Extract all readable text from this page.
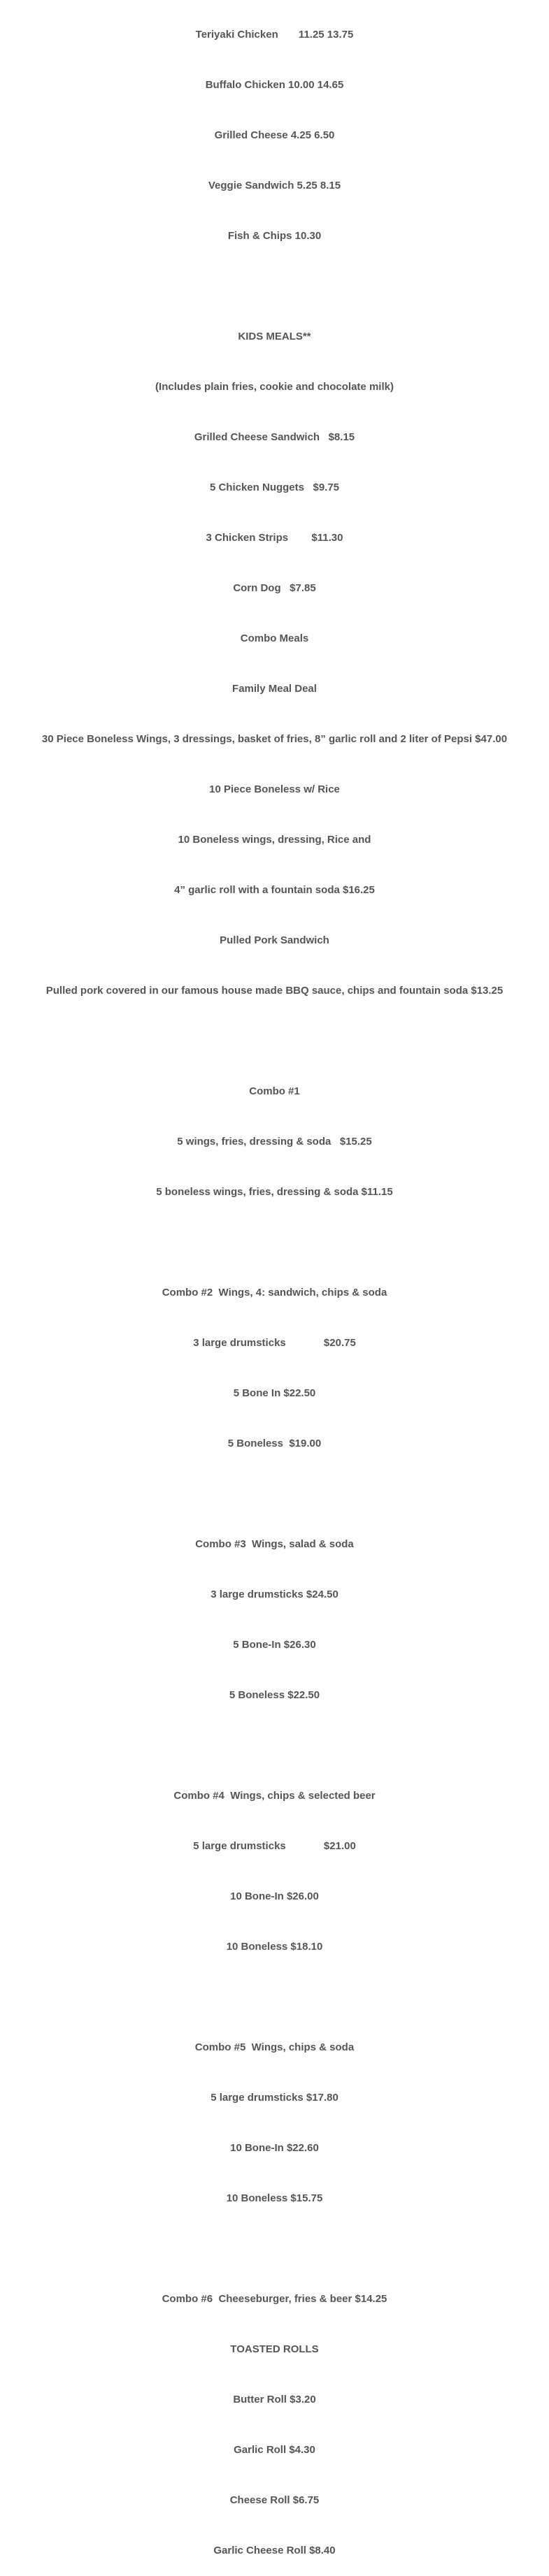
Teriyaki Chicken       11.25 13.75

Buffalo Chicken 10.00 14.65

Grilled Cheese 4.25 6.50

Veggie Sandwich 5.25 8.15

Fish & Chips 10.30

KIDS MEALS**

(Includes plain fries, cookie and chocolate milk)

Grilled Cheese Sandwich   $8.15

5 Chicken Nuggets   $9.75

3 Chicken Strips        $11.30

Corn Dog   $7.85

Combo Meals

Family Meal Deal

30 Piece Boneless Wings, 3 dressings, basket of fries, 8” garlic roll and 2 liter of Pepsi $47.00

10 Piece Boneless w/ Rice

10 Boneless wings, dressing, Rice and

4” garlic roll with a fountain soda $16.25

Pulled Pork Sandwich

Pulled pork covered in our famous house made BBQ sauce, chips and fountain soda $13.25

Combo #1

5 wings, fries, dressing & soda   $15.25

5 boneless wings, fries, dressing & soda $11.15

Combo #2  Wings, 4: sandwich, chips & soda

3 large drumsticks             $20.75

5 Bone In $22.50

5 Boneless  $19.00

Combo #3  Wings, salad & soda

3 large drumsticks $24.50

5 Bone-In $26.30

5 Boneless $22.50

Combo #4  Wings, chips & selected beer

5 large drumsticks             $21.00

10 Bone-In $26.00

10 Boneless $18.10

Combo #5  Wings, chips & soda

5 large drumsticks $17.80

10 Bone-In $22.60

10 Boneless $15.75

Combo #6  Cheeseburger, fries & beer $14.25

TOASTED ROLLS

Butter Roll $3.20

Garlic Roll $4.30

Cheese Roll $6.75

Garlic Cheese Roll $8.40
